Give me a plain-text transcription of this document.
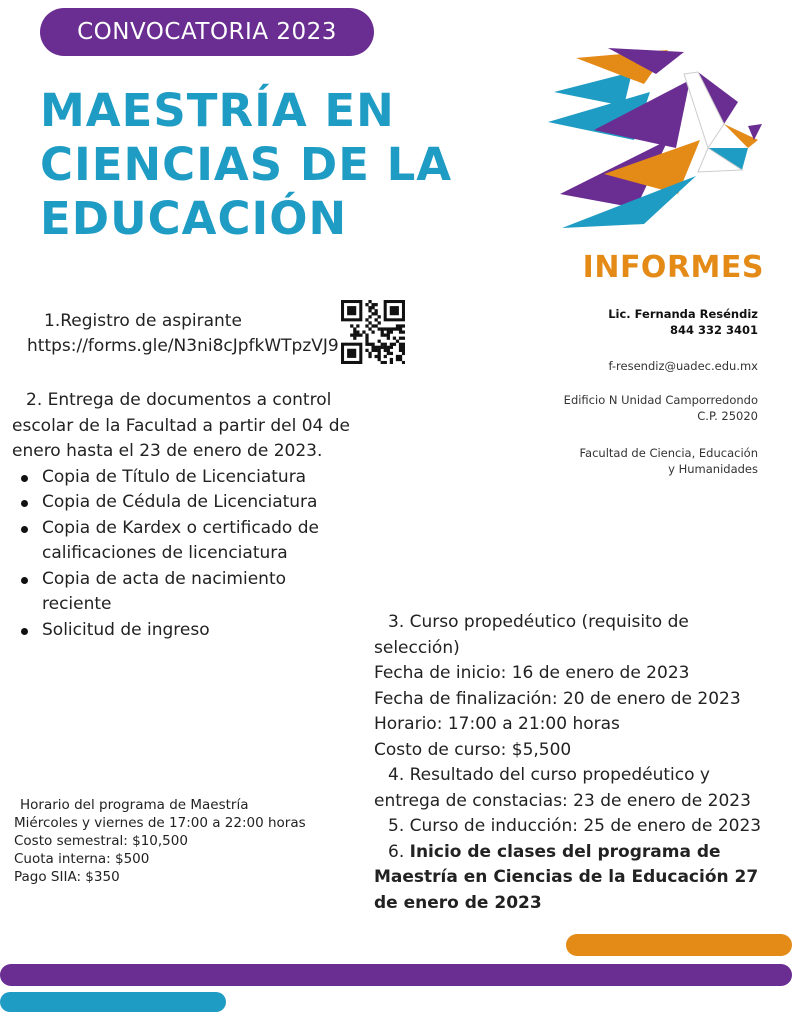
CONVOCATORIA 2023
MAESTRÍA EN
CIENCIAS DE LA
EDUCACIÓN
INFORMES
Lic. Fernanda Reséndiz
844 332 3401
f-resendiz@uadec.edu.mx
Edificio N Unidad Camporredondo
C.P. 25020
Facultad de Ciencia, Educación
y Humanidades
1.Registro de aspirante
https://forms.gle/N3ni8cJpfkWTpzVJ9
2. Entrega de documentos a control
escolar de la Facultad a partir del 04 de
enero hasta el 23 de enero de 2023.
Copia de Título de Licenciatura
Copia de Cédula de Licenciatura
Copia de Kardex o certificado de calificaciones de licenciatura
Copia de acta de nacimiento reciente
Solicitud de ingreso	3. Curso propedéutico (requisito de
selección)
Fecha de inicio: 16 de enero de 2023
Fecha de finalización: 20 de enero de 2023
Horario: 17:00 a 21:00 horas
Costo de curso: $5,500
4. Resultado del curso propedéutico y
entrega de constacias: 23 de enero de 2023
5. Curso de inducción: 25 de enero de 2023
6. Inicio de clases del programa de
Maestría en Ciencias de la Educación 27
de enero de 2023
Horario del programa de Maestría
Miércoles y viernes de 17:00 a 22:00 horas
Costo semestral: $10,500
Cuota interna: $500
Pago SIIA: $350
